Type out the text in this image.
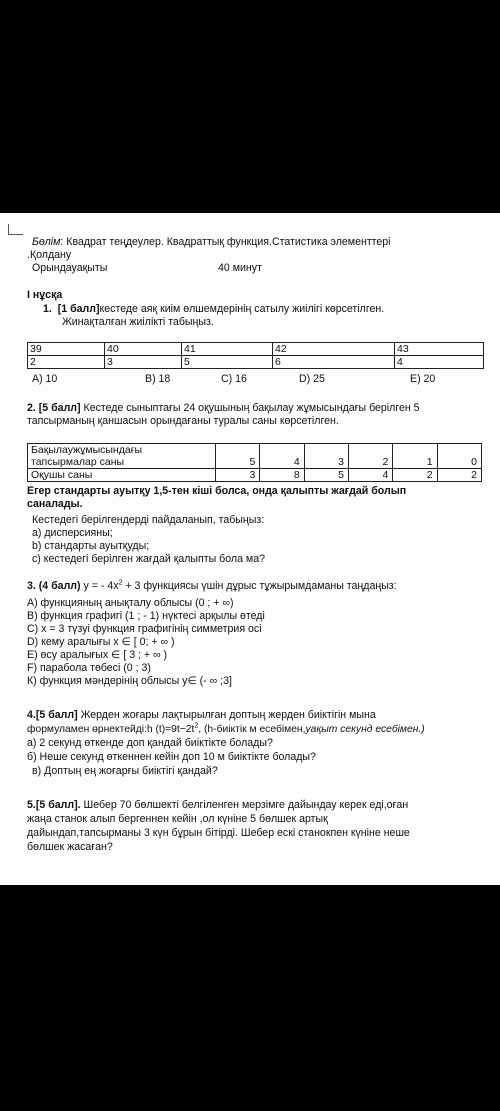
Бөлім: Квадрат теңдеулер. Квадраттық функция.Статистика элементтері
.Қолдану
Орындауақыты	40 минут
I нұсқа
1. [1 балл]кестеде аяқ киім өлшемдерінің сатылу жиілігі көрсетілген.
Жинақталған жиілікті табыңыз.
39	40	41	42	43
2	3	5	6	4
А) 10	В) 18	С) 16	D) 25	Е) 20
2. [5 балл] Кестеде сыныптағы 24 оқушының бақылау жұмысындағы берілген 5
тапсырманың қаншасын орындағаны туралы саны көрсетілген.
Бақылаужұмысындағы
тапсырмалар саны	5	4	3	2	1	0
Оқушы саны	3	8	5	4	2	2
Егер стандарты ауытқу 1,5-тен кіші болса, онда қалыпты жағдай болып
саналады.
Кестедегі берілгендерді пайдаланып, табыңыз:
а) дисперсияны;
b) стандарты ауытқуды;
с) кестедегі берілген жағдай қалыпты бола ма?
3. (4 балл) у = - $4х^2 + 3$ функциясы үшін дұрыс тұжырымдаманы таңдаңыз:
А) функцияның анықталу облысы (0 ; + ∞)
В) функция графигі (1 ; - 1) нүктесі арқылы өтеді
С) х = 3 түзуі функция графигінің симметрия осі
D) кему аралығы х ∈ [ 0; + ∞ )
Е) өсу аралығых ∈ [ 3 ; + ∞ )
F) парабола төбесі (0 ; 3)
К) функция мәндерінің облысы у∈ (- ∞ ;3]
4.[5 балл] Жерден жоғары лақтырылған доптың жерден биіктігін мына
формуламен өрнектейді:h $(t)=9t-2t^2$, (h-биіктік м есебімен,уақыт секунд есебімен.)
а) 2 секунд өткенде доп қандай биіктікте болады?
б) Неше секунд өткеннен кейін доп 10 м биіктікте болады?
в) Доптың ең жоғарғы биіктігі қандай?
5.[5 балл]. Шебер 70 бөлшекті белгіленген мерзімге дайындау керек еді,оған
жаңа станок алып бергеннен кейін ,ол күніне 5 бөлшек артық
дайындап,тапсырманы 3 күн бұрын бітірді. Шебер ескі станокпен күніне неше
бөлшек жасаған?
